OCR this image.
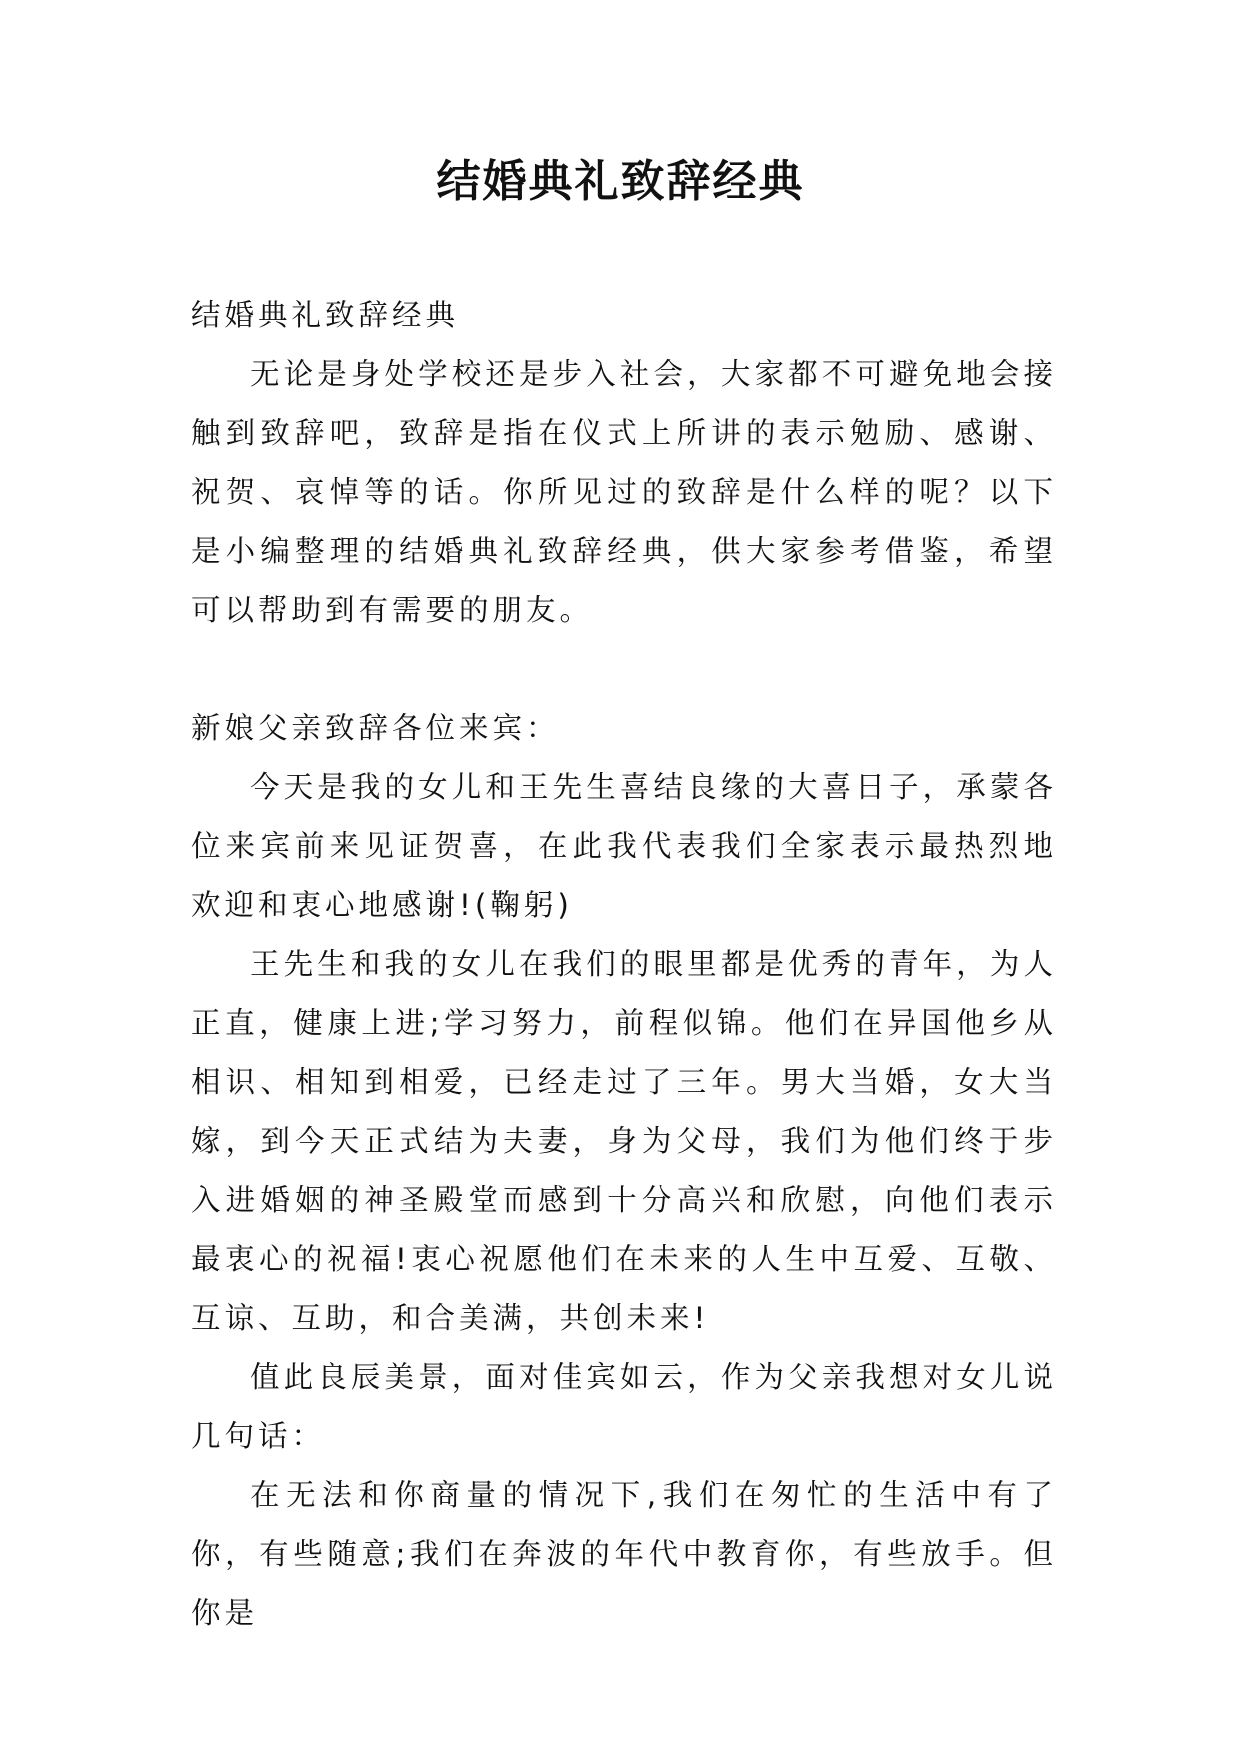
结婚典礼致辞经典

结婚典礼致辞经典

无论是身处学校还是步入社会，大家都不可避免地会接触到致辞吧，致辞是指在仪式上所讲的表示勉励、感谢、祝贺、哀悼等的话。你所见过的致辞是什么样的呢？以下是小编整理的结婚典礼致辞经典，供大家参考借鉴，希望可以帮助到有需要的朋友。

新娘父亲致辞各位来宾：

今天是我的女儿和王先生喜结良缘的大喜日子，承蒙各位来宾前来见证贺喜，在此我代表我们全家表示最热烈地欢迎和衷心地感谢!(鞠躬)

王先生和我的女儿在我们的眼里都是优秀的青年，为人正直，健康上进;学习努力，前程似锦。他们在异国他乡从相识、相知到相爱，已经走过了三年。男大当婚，女大当嫁，到今天正式结为夫妻，身为父母，我们为他们终于步入进婚姻的神圣殿堂而感到十分高兴和欣慰，向他们表示最衷心的祝福!衷心祝愿他们在未来的人生中互爱、互敬、互谅、互助，和合美满，共创未来!

值此良辰美景，面对佳宾如云，作为父亲我想对女儿说几句话：

在无法和你商量的情况下,我们在匆忙的生活中有了你，有些随意;我们在奔波的年代中教育你，有些放手。但你是
